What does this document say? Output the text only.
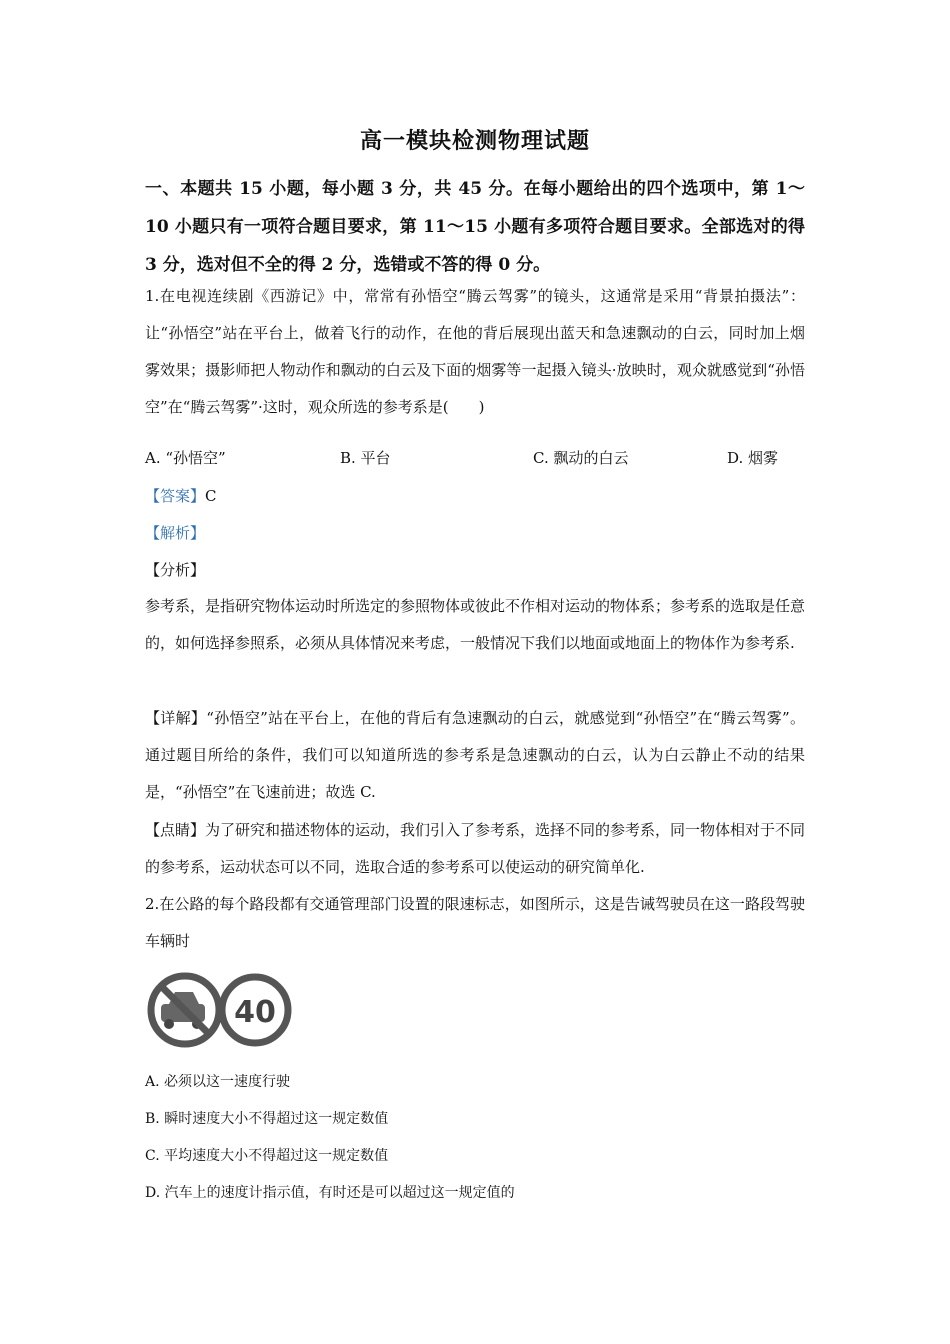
高一模块检测物理试题
一、本题共 15 小题，每小题 3 分，共 45 分。在每小题给出的四个选项中，第 1～10 小题只有一项符合题目要求，第 11～15 小题有多项符合题目要求。全部选对的得 3 分，选对但不全的得 2 分，选错或不答的得 0 分。
1.在电视连续剧《西游记》中，常常有孙悟空“腾云驾雾”的镜头，这通常是采用“背景拍摄法”：让“孙悟空”站在平台上，做着飞行的动作，在他的背后展现出蓝天和急速飘动的白云，同时加上烟雾效果；摄影师把人物动作和飘动的白云及下面的烟雾等一起摄入镜头·放映时，观众就感觉到“孙悟空”在“腾云驾雾”·这时，观众所选的参考系是(　　)
A. “孙悟空”	B. 平台	C. 飘动的白云	D. 烟雾
【答案】C
【解析】
【分析】
参考系，是指研究物体运动时所选定的参照物体或彼此不作相对运动的物体系；参考系的选取是任意的，如何选择参照系，必须从具体情况来考虑，一般情况下我们以地面或地面上的物体作为参考系.
【详解】“孙悟空”站在平台上，在他的背后有急速飘动的白云，就感觉到“孙悟空”在“腾云驾雾”。通过题目所给的条件，我们可以知道所选的参考系是急速飘动的白云，认为白云静止不动的结果是，“孙悟空”在飞速前进；故选 C.
【点睛】为了研究和描述物体的运动，我们引入了参考系，选择不同的参考系，同一物体相对于不同的参考系，运动状态可以不同，选取合适的参考系可以使运动的研究简单化.
2.在公路的每个路段都有交通管理部门设置的限速标志，如图所示，这是告诫驾驶员在这一路段驾驶车辆时
40
A. 必须以这一速度行驶
B. 瞬时速度大小不得超过这一规定数值
C. 平均速度大小不得超过这一规定数值
D. 汽车上的速度计指示值，有时还是可以超过这一规定值的
